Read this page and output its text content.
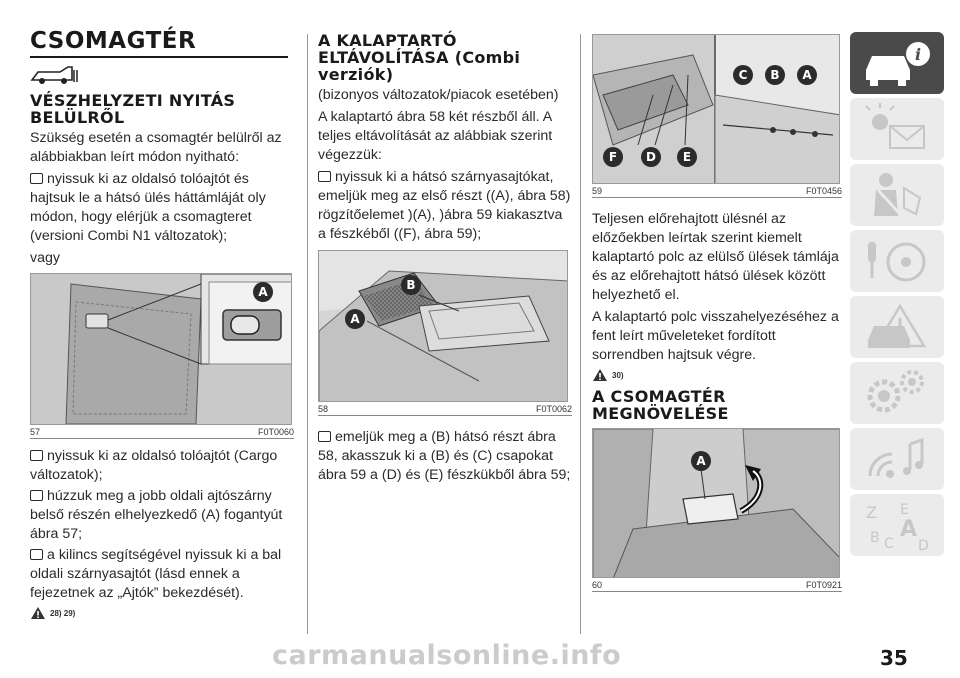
CSOMAGTÉR
VÉSZHELYZETI NYITÁS BELÜLRŐL

Szükség esetén a csomagtér belülről az alábbiakban leírt módon nyitható:

nyissuk ki az oldalsó tolóajtót és hajtsuk le a hátsó ülés háttámláját oly módon, hogy elérjük a csomagteret (versioni Combi N1 változatok);

vagy

A
57	F0T0060

nyissuk ki az oldalsó tolóajtót (Cargo változatok);

húzzuk meg a jobb oldali ajtószárny belső részén elhelyezkedő (A) fogantyút ábra 57;

a kilincs segítségével nyissuk ki a bal oldali szárnyasajtót (lásd ennek a fejezetnek az „Ajtók” bekezdését).

28) 29)
A KALAPTARTÓ ELTÁVOLÍTÁSA (Combi verziók)

(bizonyos változatok/piacok esetében)

A kalaptartó ábra 58 két részből áll. A teljes eltávolítását az alábbiak szerint végezzük:

nyissuk ki a hátsó szárnyasajtókat, emeljük meg az első részt ((A), ábra 58) rögzítőelemet )(A), )ábra 59 kiakasztva a fészkéből ((F), ábra 59);

A
B
58	F0T0062

emeljük meg a (B) hátsó részt ábra 58, akasszuk ki a (B) és (C) csapokat ábra 59 a (D) és (E) fészkükből ábra 59;

C	B	A
F	D	E
59	F0T0456

Teljesen előrehajtott ülésnél az előzőekben leírtak szerint kiemelt kalaptartó polc az elülső ülések támlája és az előrehajtott hátsó ülések között helyezhető el.

A kalaptartó polc visszahelyezéséhez a fent leírt műveleteket fordított sorrendben hajtsuk végre.

30)
A CSOMAGTÉR MEGNÖVELÉSE
A
60	F0T0921
i
Z E
A
B C D
35
carmanualsonline.info
